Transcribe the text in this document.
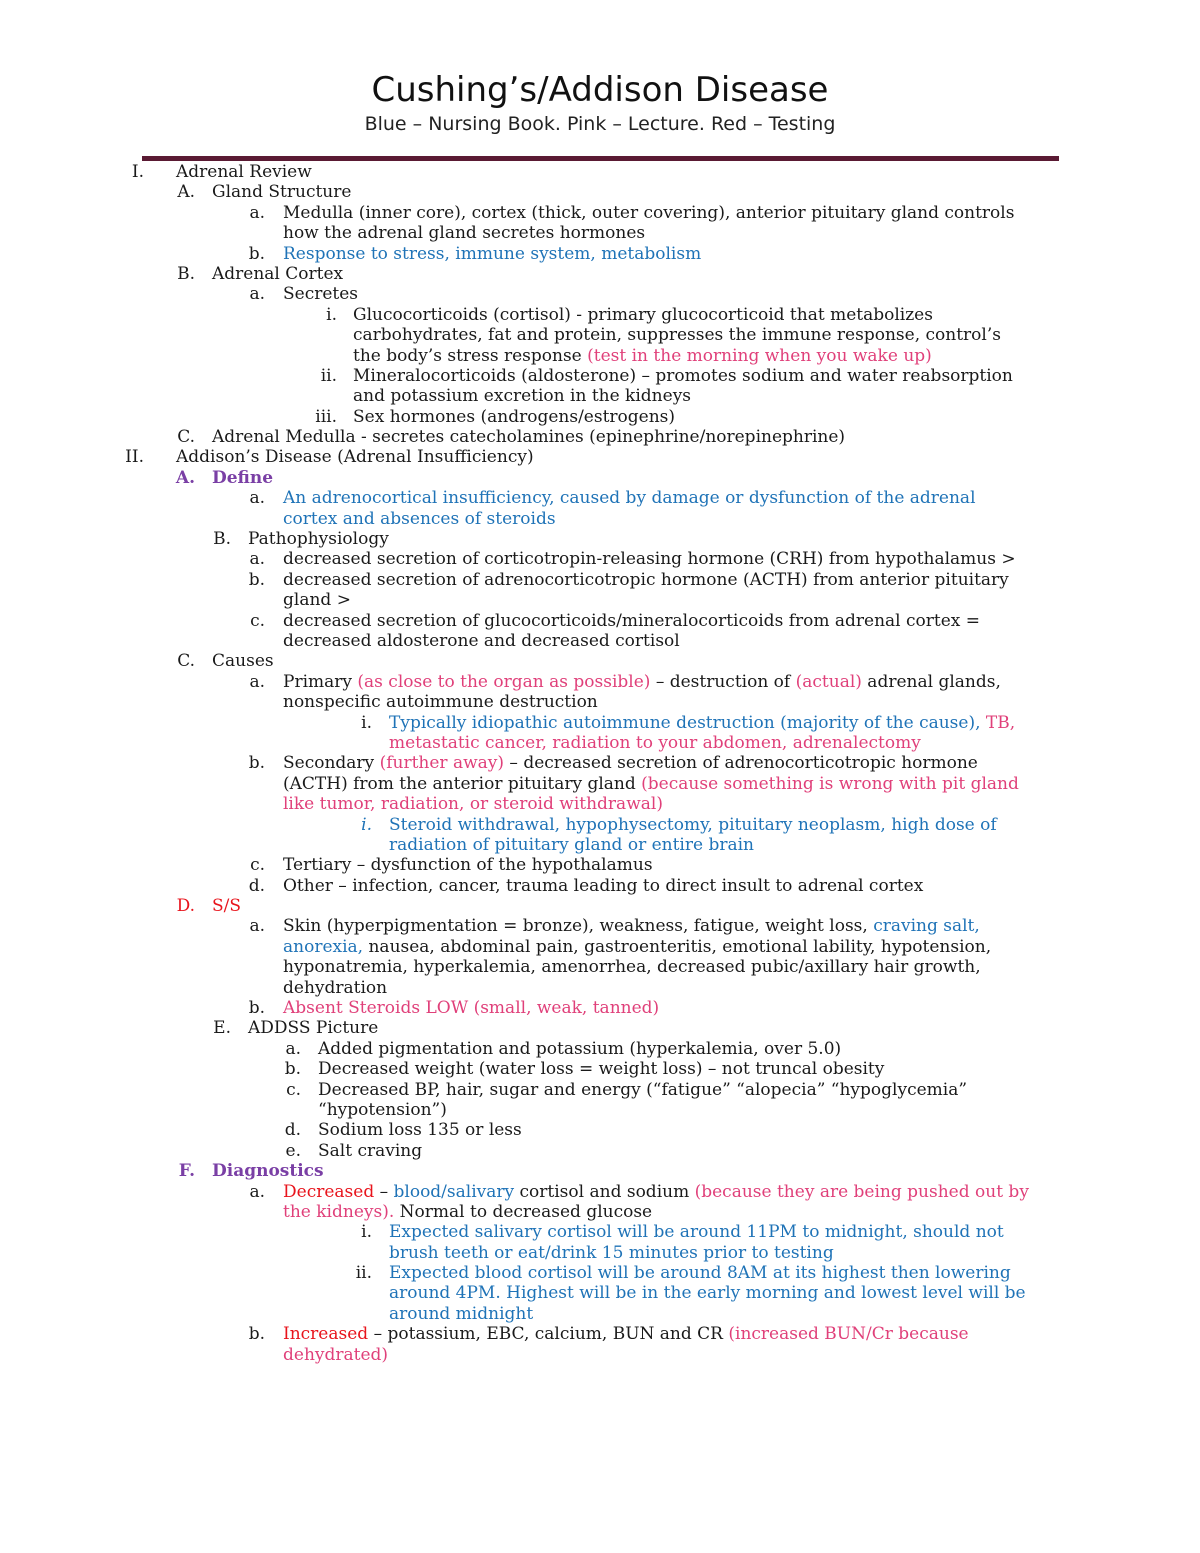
Cushing’s/Addison Disease
Blue – Nursing Book. Pink – Lecture. Red – Testing
I. Adrenal Review
A. Gland Structure
a. Medulla (inner core), cortex (thick, outer covering), anterior pituitary gland controls
how the adrenal gland secretes hormones
b. Response to stress, immune system, metabolism
B. Adrenal Cortex
a. Secretes
i. Glucocorticoids (cortisol) - primary glucocorticoid that metabolizes
carbohydrates, fat and protein, suppresses the immune response, control’s
the body’s stress response (test in the morning when you wake up)
ii. Mineralocorticoids (aldosterone) – promotes sodium and water reabsorption
and potassium excretion in the kidneys
iii. Sex hormones (androgens/estrogens)
C. Adrenal Medulla - secretes catecholamines (epinephrine/norepinephrine)
II. Addison’s Disease (Adrenal Insufficiency)
A. Define
a. An adrenocortical insufficiency, caused by damage or dysfunction of the adrenal
cortex and absences of steroids
B. Pathophysiology
a. decreased secretion of corticotropin-releasing hormone (CRH) from hypothalamus >
b. decreased secretion of adrenocorticotropic hormone (ACTH) from anterior pituitary
gland >
c. decreased secretion of glucocorticoids/mineralocorticoids from adrenal cortex =
decreased aldosterone and decreased cortisol
C. Causes
a. Primary (as close to the organ as possible) – destruction of (actual) adrenal glands,
nonspecific autoimmune destruction
i. Typically idiopathic autoimmune destruction (majority of the cause), TB,
metastatic cancer, radiation to your abdomen, adrenalectomy
b. Secondary (further away) – decreased secretion of adrenocorticotropic hormone
(ACTH) from the anterior pituitary gland (because something is wrong with pit gland
like tumor, radiation, or steroid withdrawal)
i. Steroid withdrawal, hypophysectomy, pituitary neoplasm, high dose of
radiation of pituitary gland or entire brain
c. Tertiary – dysfunction of the hypothalamus
d. Other – infection, cancer, trauma leading to direct insult to adrenal cortex
D. S/S
a. Skin (hyperpigmentation = bronze), weakness, fatigue, weight loss, craving salt,
anorexia, nausea, abdominal pain, gastroenteritis, emotional lability, hypotension,
hyponatremia, hyperkalemia, amenorrhea, decreased pubic/axillary hair growth,
dehydration
b. Absent Steroids LOW (small, weak, tanned)
E. ADDSS Picture
a. Added pigmentation and potassium (hyperkalemia, over 5.0)
b. Decreased weight (water loss = weight loss) – not truncal obesity
c. Decreased BP, hair, sugar and energy (“fatigue” “alopecia” “hypoglycemia”
“hypotension”)
d. Sodium loss 135 or less
e. Salt craving
F. Diagnostics
a. Decreased – blood/salivary cortisol and sodium (because they are being pushed out by
the kidneys). Normal to decreased glucose
i. Expected salivary cortisol will be around 11PM to midnight, should not
brush teeth or eat/drink 15 minutes prior to testing
ii. Expected blood cortisol will be around 8AM at its highest then lowering
around 4PM. Highest will be in the early morning and lowest level will be
around midnight
b. Increased – potassium, EBC, calcium, BUN and CR (increased BUN/Cr because
dehydrated)
